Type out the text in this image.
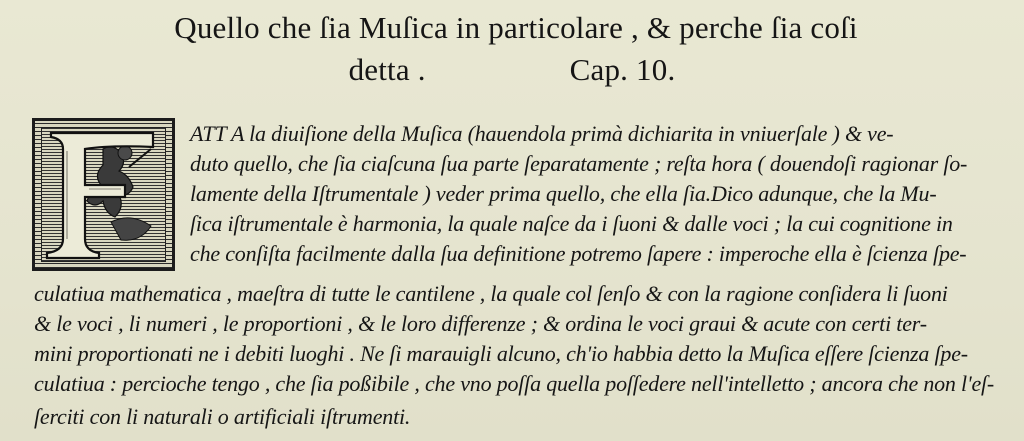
Quello che ſia Muſica in particolare , & perche ſia coſi
detta .	Cap. 10.
ATT A la diuiſione della Muſica (hauendola primà dichiarita in vniuerſale ) & ve-
duto quello, che ſia ciaſcuna ſua parte ſeparatamente ; reſta hora ( douendoſi ragionar ſo-
lamente della Iſtrumentale ) veder prima quello, che ella ſia.Dico adunque, che la Mu-
ſica iſtrumentale è harmonia, la quale naſce da i ſuoni & dalle voci ; la cui cognitione in
che conſiſta facilmente dalla ſua definitione potremo ſapere : imperoche ella è ſcienza ſpe-
culatiua mathematica , maeſtra di tutte le cantilene , la quale col ſenſo & con la ragione conſidera li ſuoni
& le voci , li numeri , le proportioni , & le loro differenze ; & ordina le voci graui & acute con certi ter-
mini proportionati ne i debiti luoghi . Ne ſi marauigli alcuno, ch'io habbia detto la Muſica eſſere ſcienza ſpe-
culatiua : percioche tengo , che ſia poßibile , che vno poſſa quella poſſedere nell'intelletto ; ancora che non l'eſ-
ſerciti con li naturali o artificiali iſtrumenti.
